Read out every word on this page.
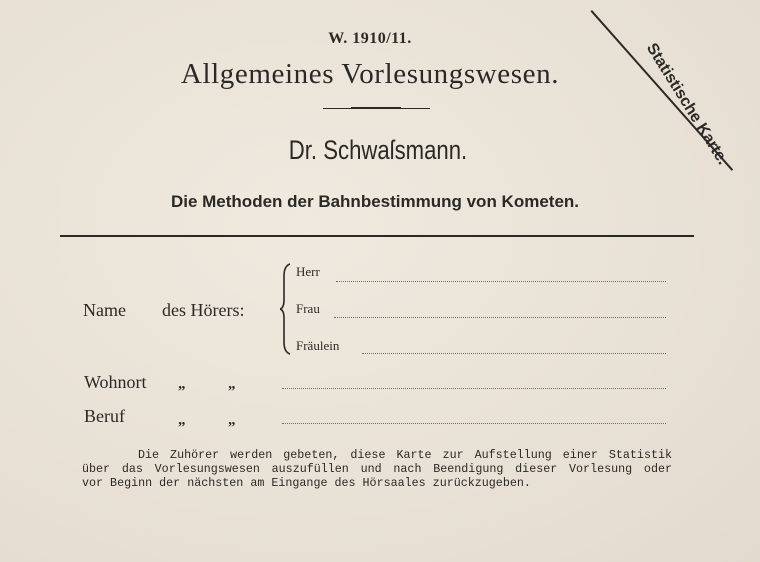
W. 1910/11.
Allgemeines Vorlesungswesen.
Dr. Schwaſsmann.
Die Methoden der Bahnbestimmung von Kometen.
Statistische Karte.
Name des Hörers:
Herr
Frau
Fräulein
Wohnort „	„
Beruf	„	„

Die Zuhörer werden gebeten, diese Karte zur Aufstellung einer Statistik

über das Vorlesungswesen auszufüllen und nach Beendigung dieser Vorlesung oder

vor Beginn der nächsten am Eingange des Hörsaales zurückzugeben.
